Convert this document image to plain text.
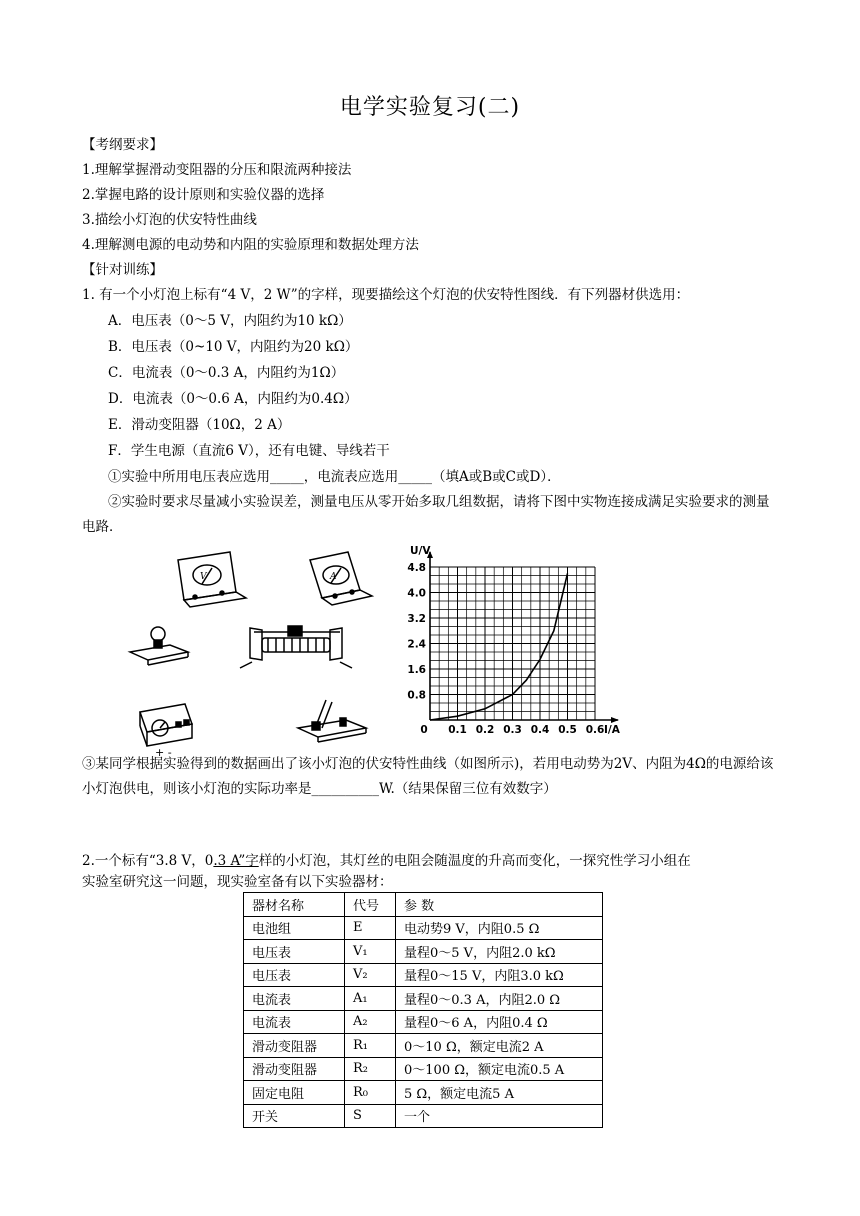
电学实验复习(二)
【考纲要求】
1.理解掌握滑动变阻器的分压和限流两种接法
2.掌握电路的设计原则和实验仪器的选择
3.描绘小灯泡的伏安特性曲线
4.理解测电源的电动势和内阻的实验原理和数据处理方法
【针对训练】
1. 有一个小灯泡上标有“4 V，2 W”的字样，现要描绘这个灯泡的伏安特性图线．有下列器材供选用：
A．电压表（0～5 V，内阻约为10 kΩ）
B．电压表（0~10 V，内阻约为20 kΩ）
C．电流表（0～0.3 A，内阻约为1Ω）
D．电流表（0～0.6 A，内阻约为0.4Ω）
E．滑动变阻器（10Ω，2 A）
F．学生电源（直流6 V），还有电键、导线若干
①实验中所用电压表应选用_____，电流表应选用_____（填A或B或C或D）．
②实验时要求尽量减小实验误差，测量电压从零开始多取几组数据，请将下图中实物连接成满足实验要求的测量电路．
V	A
+ -
0 0.1 0.2 0.3 0.4 0.5 0.6
0.8
1.6
2.4
3.2
4.0
4.8
U/V
I/A
③某同学根据实验得到的数据画出了该小灯泡的伏安特性曲线（如图所示)，若用电动势为2V、内阻为4Ω的电源给该小灯泡供电，则该小灯泡的实际功率是__________W.（结果保留三位有效数字）
2.一个标有“3.8 V，0.3 A”字样的小灯泡，其灯丝的电阻会随温度的升高而变化，一探究性学习小组在
实验室研究这一问题，现实验室备有以下实验器材：
器材名称	代号	参 数
电池组	E	电动势9 V，内阻0.5 Ω
电压表	V₁	量程0～5 V，内阻2.0 kΩ
电压表	V₂	量程0～15 V，内阻3.0 kΩ
电流表	A₁	量程0～0.3 A，内阻2.0 Ω
电流表	A₂	量程0～6 A，内阻0.4 Ω
滑动变阻器	R₁	0～10 Ω，额定电流2 A
滑动变阻器	R₂	0～100 Ω，额定电流0.5 A
固定电阻	R₀	5 Ω，额定电流5 A
开关	S	一个
